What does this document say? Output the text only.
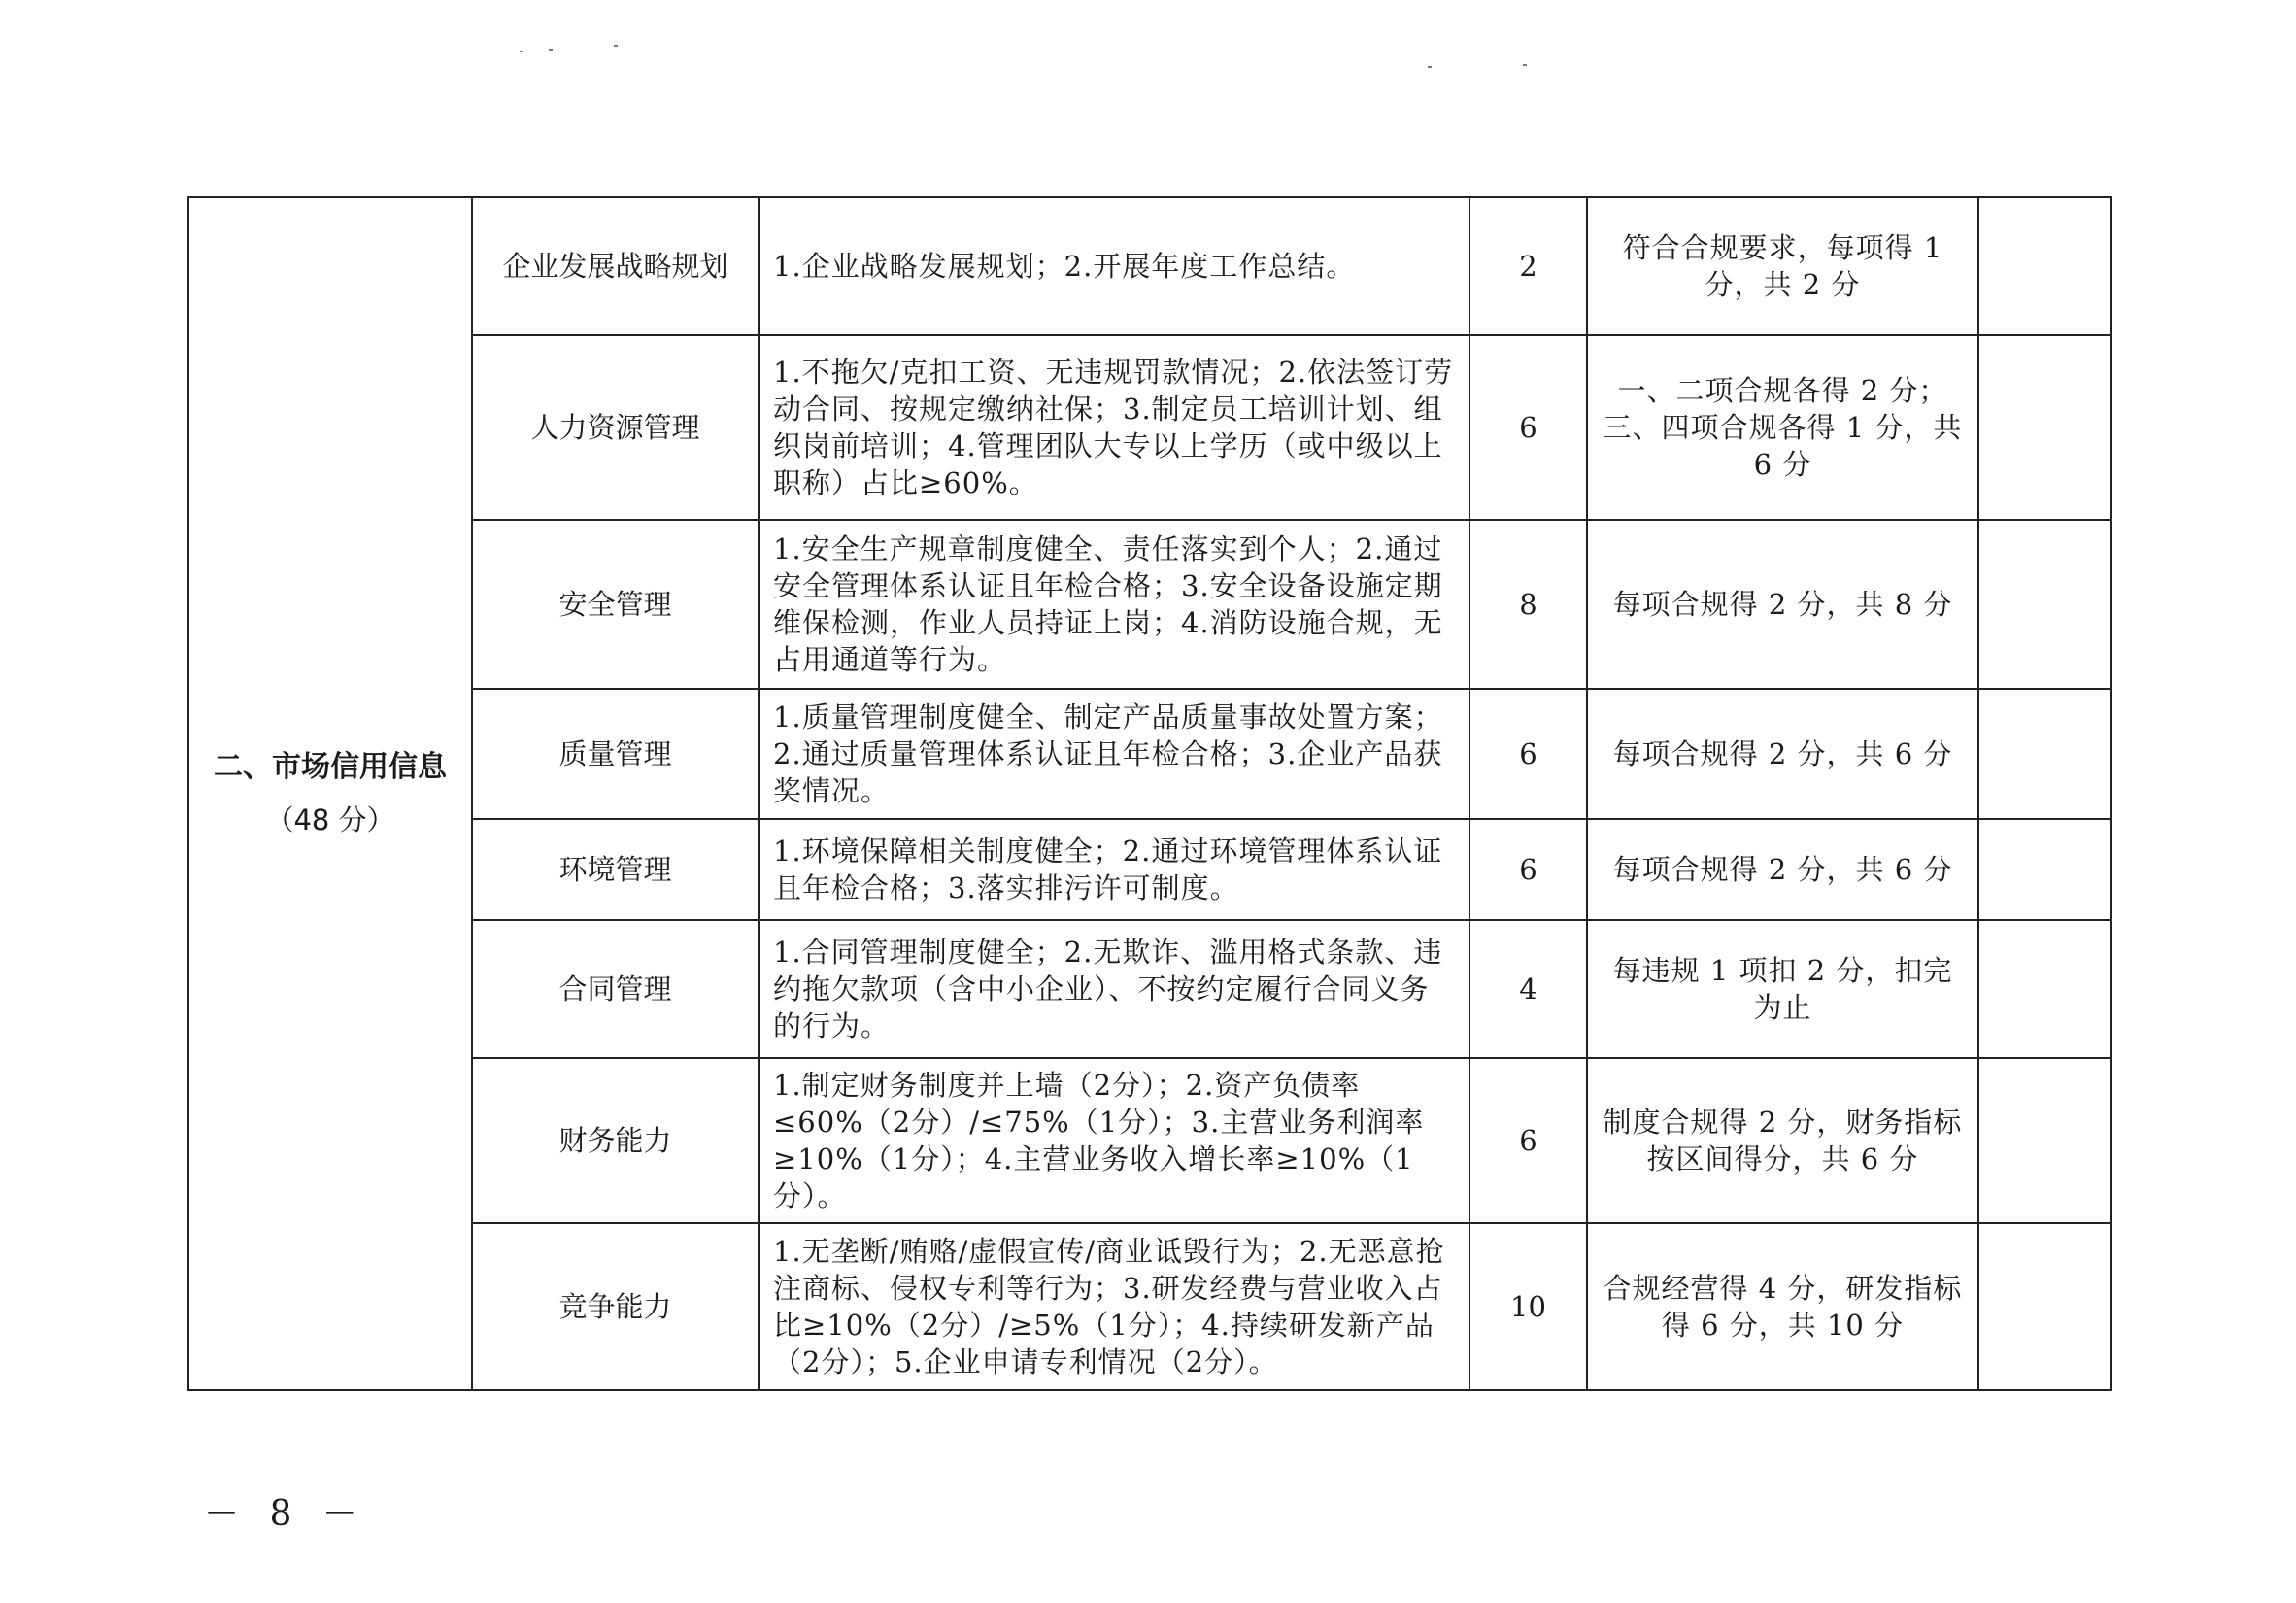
二、市场信用信息
（48 分）	企业发展战略规划	1.企业战略发展规划；2.开展年度工作总结。	2	符合合规要求，每项得 1 分，共 2 分	
	人力资源管理	1.不拖欠/克扣工资、无违规罚款情况；2.依法签订劳动合同、按规定缴纳社保；3.制定员工培训计划、组织岗前培训；4.管理团队大专以上学历（或中级以上职称）占比≥60%。	6	一、二项合规各得 2 分；三、四项合规各得 1 分，共 6 分	
	安全管理	1.安全生产规章制度健全、责任落实到个人；2.通过安全管理体系认证且年检合格；3.安全设备设施定期维保检测，作业人员持证上岗；4.消防设施合规，无占用通道等行为。	8	每项合规得 2 分，共 8 分	
	质量管理	1.质量管理制度健全、制定产品质量事故处置方案；2.通过质量管理体系认证且年检合格；3.企业产品获奖情况。	6	每项合规得 2 分，共 6 分	
	环境管理	1.环境保障相关制度健全；2.通过环境管理体系认证且年检合格；3.落实排污许可制度。	6	每项合规得 2 分，共 6 分	
	合同管理	1.合同管理制度健全；2.无欺诈、滥用格式条款、违约拖欠款项（含中小企业）、不按约定履行合同义务的行为。	4	每违规 1 项扣 2 分，扣完为止	
	财务能力	1.制定财务制度并上墙（2分）；2.资产负债率≤60%（2分）/≤75%（1分）；3.主营业务利润率≥10%（1分）；4.主营业务收入增长率≥10%（1分）。	6	制度合规得 2 分，财务指标按区间得分，共 6 分	
	竞争能力	1.无垄断/贿赂/虚假宣传/商业诋毁行为；2.无恶意抢注商标、侵权专利等行为；3.研发经费与营业收入占比≥10%（2分）/≥5%（1分）；4.持续研发新产品（2分）；5.企业申请专利情况（2分）。	10	合规经营得 4 分，研发指标得 6 分，共 10 分	
－ 8 －
